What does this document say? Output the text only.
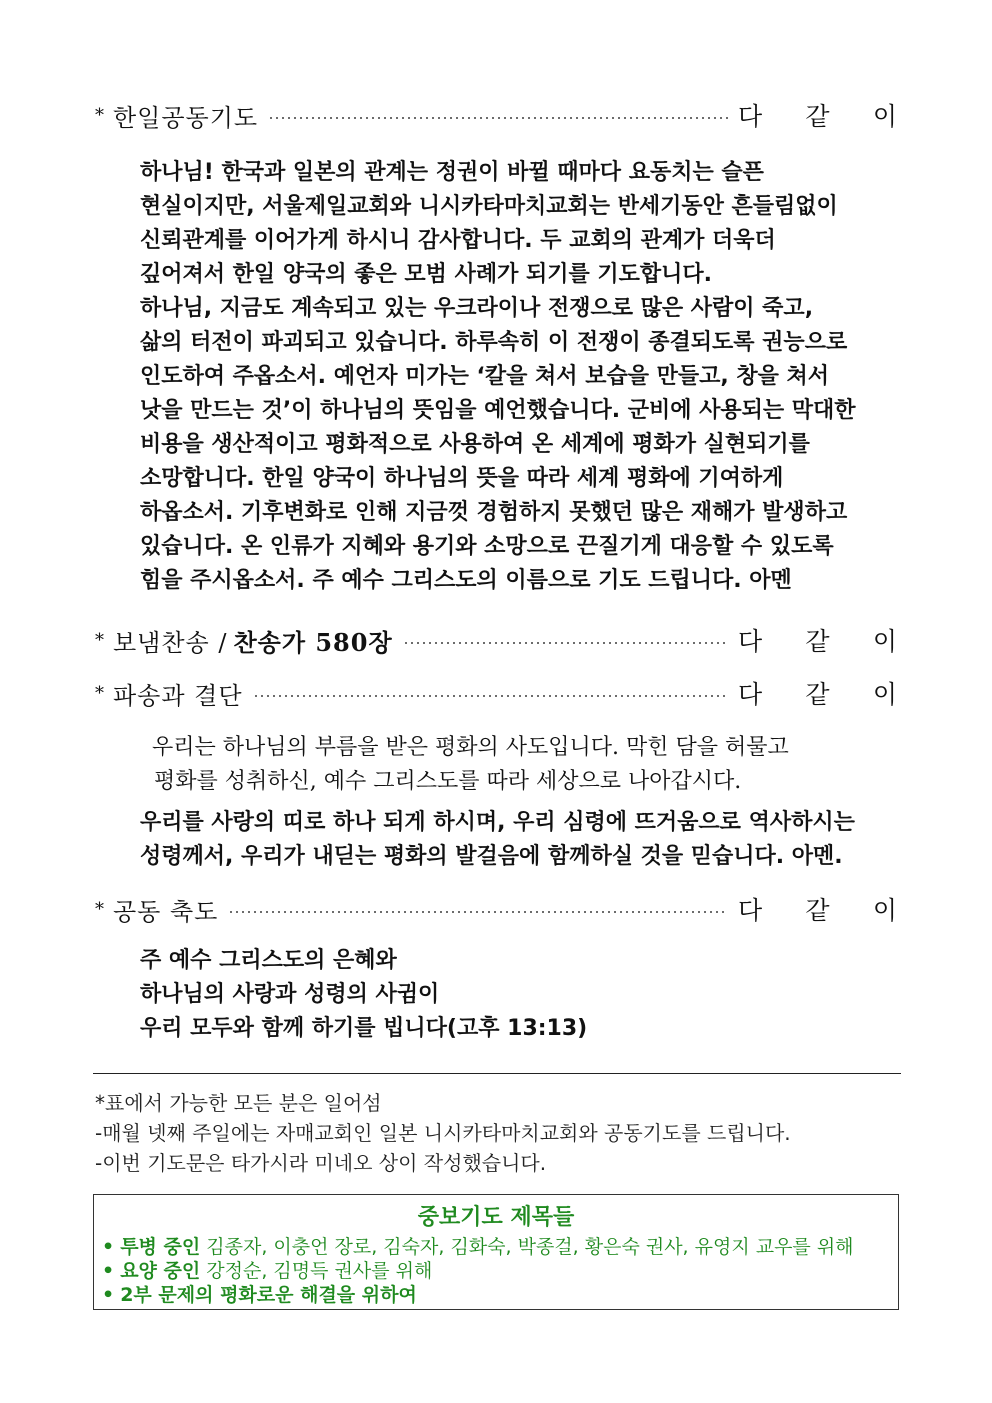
* 한일공동기도	다 같 이
하나님! 한국과 일본의 관계는 정권이 바뀔 때마다 요동치는 슬픈
현실이지만, 서울제일교회와 니시카타마치교회는 반세기동안 흔들림없이
신뢰관계를 이어가게 하시니 감사합니다. 두 교회의 관계가 더욱더
깊어져서 한일 양국의 좋은 모범 사례가 되기를 기도합니다.
하나님, 지금도 계속되고 있는 우크라이나 전쟁으로 많은 사람이 죽고,
삶의 터전이 파괴되고 있습니다. 하루속히 이 전쟁이 종결되도록 권능으로
인도하여 주옵소서. 예언자 미가는 ‘칼을 쳐서 보습을 만들고, 창을 쳐서
낫을 만드는 것’이 하나님의 뜻임을 예언했습니다. 군비에 사용되는 막대한
비용을 생산적이고 평화적으로 사용하여 온 세계에 평화가 실현되기를
소망합니다. 한일 양국이 하나님의 뜻을 따라 세계 평화에 기여하게
하옵소서. 기후변화로 인해 지금껏 경험하지 못했던 많은 재해가 발생하고
있습니다. 온 인류가 지혜와 용기와 소망으로 끈질기게 대응할 수 있도록
힘을 주시옵소서. 주 예수 그리스도의 이름으로 기도 드립니다. 아멘
* 보냄찬송 / 찬송가 580장	다 같 이
* 파송과 결단	다 같 이
우리는 하나님의 부름을 받은 평화의 사도입니다. 막힌 담을 허물고
평화를 성취하신, 예수 그리스도를 따라 세상으로 나아갑시다.
우리를 사랑의 띠로 하나 되게 하시며, 우리 심령에 뜨거움으로 역사하시는
성령께서, 우리가 내딛는 평화의 발걸음에 함께하실 것을 믿습니다. 아멘.
* 공동 축도	다 같 이
주 예수 그리스도의 은혜와
하나님의 사랑과 성령의 사귐이
우리 모두와 함께 하기를 빕니다(고후 13:13)
*표에서 가능한 모든 분은 일어섬
-매월 넷째 주일에는 자매교회인 일본 니시카타마치교회와 공동기도를 드립니다.
-이번 기도문은 타가시라 미네오 상이 작성했습니다.
중보기도 제목들
• 투병 중인 김종자, 이충언 장로, 김숙자, 김화숙, 박종걸, 황은숙 권사, 유영지 교우를 위해
• 요양 중인 강정순, 김명득 권사를 위해
• 2부 문제의 평화로운 해결을 위하여
